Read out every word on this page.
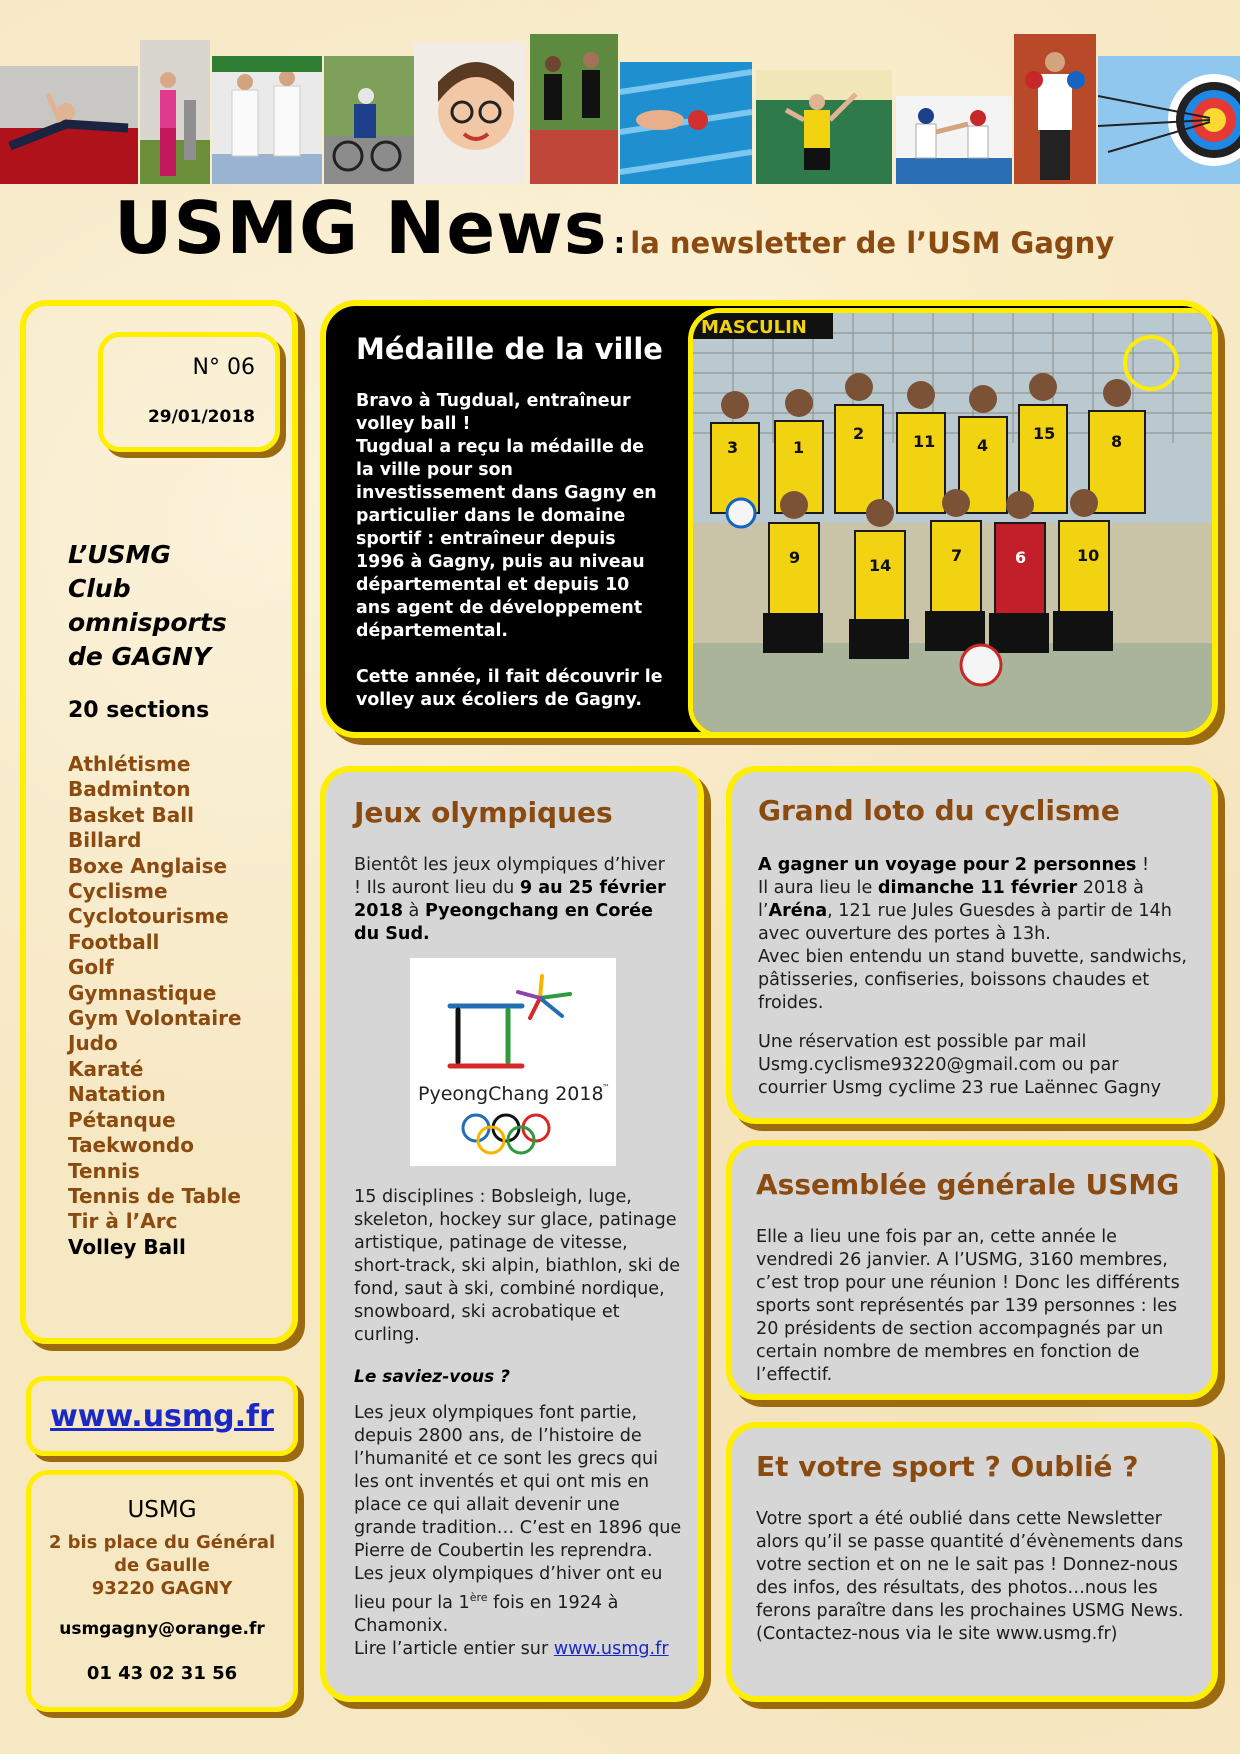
USMG News : la newsletter de l’USM Gagny
N° 06
29/01/2018
L’USMG
Club
omnisports
de GAGNY
20 sections
Athlétisme
Badminton
Basket Ball
Billard
Boxe Anglaise
Cyclisme
Cyclotourisme
Football
Golf
Gymnastique
Gym Volontaire
Judo
Karaté
Natation
Pétanque
Taekwondo
Tennis
Tennis de Table
Tir à l’Arc
Volley Ball
www.usmg.fr
USMG
2 bis place du Général
de Gaulle
93220 GAGNY
usmgagny@orange.fr
01 43 02 31 56
Médaille de la ville
Bravo à Tugdual, entraîneur volley ball !
Tugdual a reçu la médaille de la ville pour son investissement dans Gagny en particulier dans le domaine sportif : entraîneur depuis 1996 à Gagny, puis au niveau départemental et depuis 10 ans agent de développement départemental.
Cette année, il fait découvrir le volley aux écoliers de Gagny.
3	1
2	11	4
15	8
9	14
7	6	10
MASCULIN
Jeux olympiques
Bientôt les jeux olympiques d’hiver ! Ils auront lieu du 9 au 25 février 2018 à Pyeongchang en Corée du Sud.
PyeongChang 2018
™
15 disciplines : Bobsleigh, luge, skeleton, hockey sur glace, patinage artistique, patinage de vitesse, short-track, ski alpin, biathlon, ski de fond, saut à ski, combiné nordique, snowboard, ski acrobatique et curling.
Le saviez-vous ?
Les jeux olympiques font partie, depuis 2800 ans, de l’histoire de l’humanité et ce sont les grecs qui les ont inventés et qui ont mis en place ce qui allait devenir une grande tradition… C’est en 1896 que Pierre de Coubertin les reprendra.
Les jeux olympiques d’hiver ont eu lieu pour la 1ère fois en 1924 à Chamonix.
Lire l’article entier sur www.usmg.fr
Grand loto du cyclisme
A gagner un voyage pour 2 personnes !
Il aura lieu le dimanche 11 février 2018 à l’Aréna, 121 rue Jules Guesdes à partir de 14h avec ouverture des portes à 13h.
Avec bien entendu un stand buvette, sandwichs, pâtisseries, confiseries, boissons chaudes et froides.
Une réservation est possible par mail Usmg.cyclisme93220@gmail.com ou par courrier Usmg cyclime 23 rue Laënnec Gagny
Assemblée générale USMG
Elle a lieu une fois par an, cette année le vendredi 26 janvier. A l’USMG, 3160 membres, c’est trop pour une réunion ! Donc les différents sports sont représentés par 139 personnes : les 20 présidents de section accompagnés par un certain nombre de membres en fonction de l’effectif.
Et votre sport ? Oublié ?
Votre sport a été oublié dans cette Newsletter alors qu’il se passe quantité d’évènements dans votre section et on ne le sait pas ! Donnez-nous des infos, des résultats, des photos…nous les ferons paraître dans les prochaines USMG News. (Contactez-nous via le site www.usmg.fr)
